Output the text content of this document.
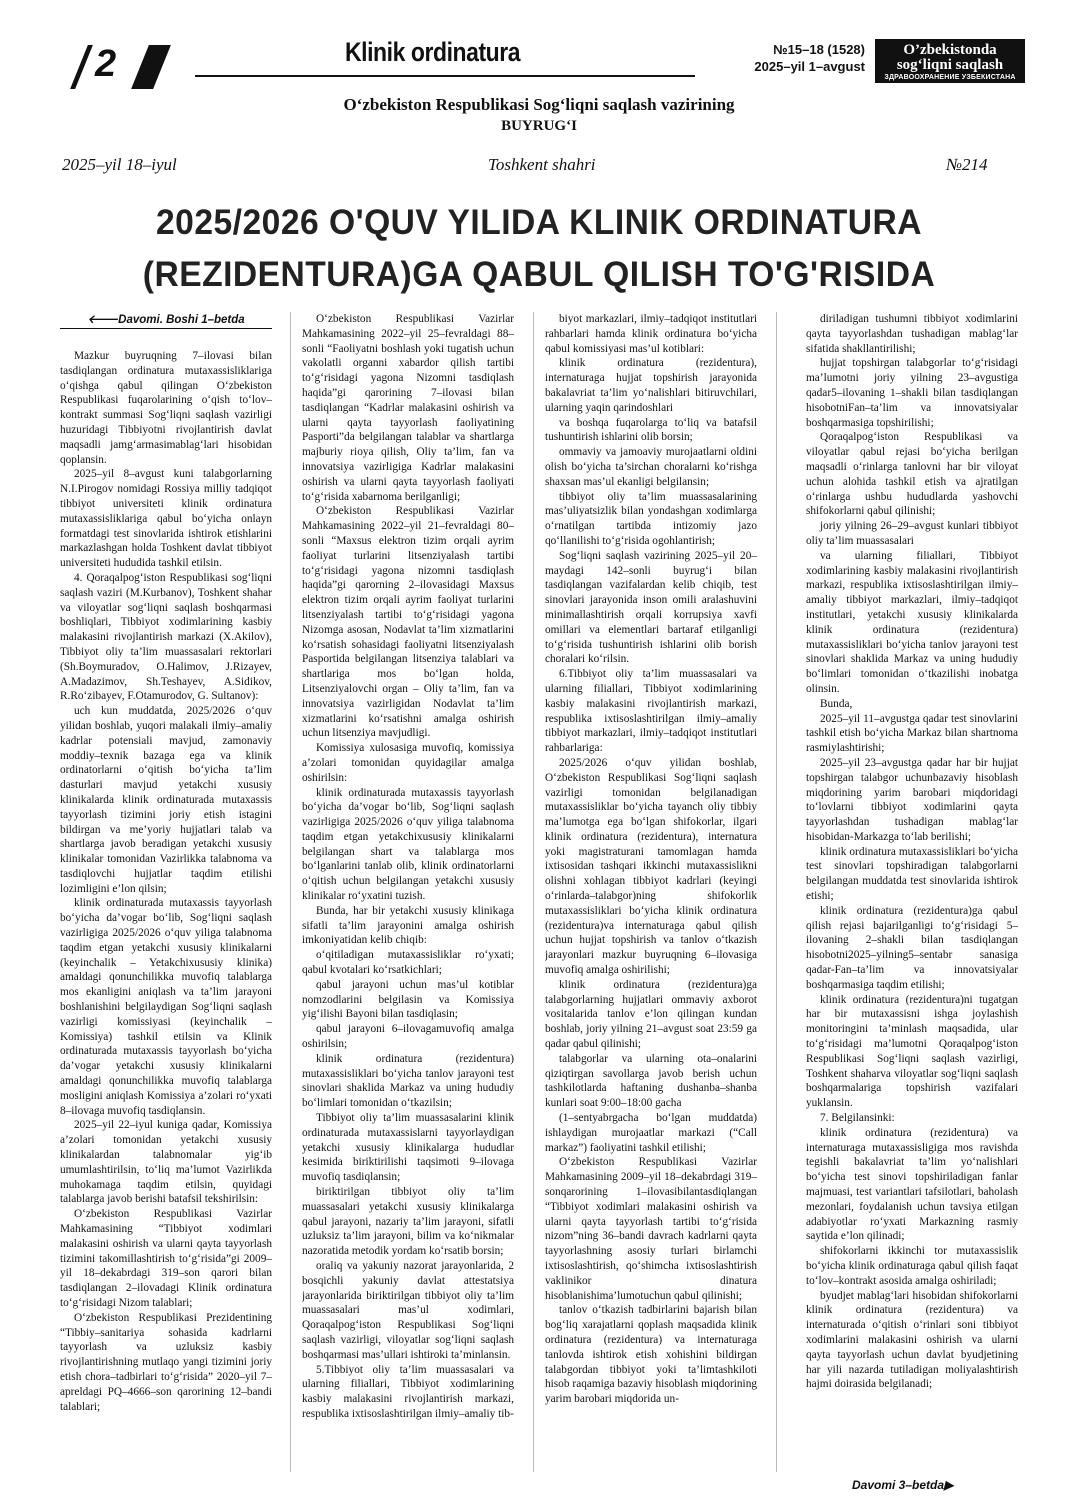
2	Klinik ordinatura	№15–18 (1528)
2025–yil 1–avgust
O’zbekistonda
sog‘liqni saqlash
ЗДРАВООХРАНЕНИЕ УЗБЕКИСТАНА
O‘zbekiston Respublikasi Sog‘liqni saqlash vazirining
BUYRUG‘I
2025–yil 18–iyul	Toshkent shahri	№214
2025/2026 O'QUV YILIDA KLINIK ORDINATURA
(REZIDENTURA)GA QABUL QILISH TO'G'RISIDA
🡐Davomi. Boshi 1–betda

Mazkur buyruqning 7–ilovasi bilan tasdiqlangan ordinatura mutaxassisliklariga o‘qishga qabul qilingan O‘zbekiston Respublikasi fuqarolarining o‘qish to‘lov–kontrakt summasi Sog‘liqni saqlash vazirligi huzuridagi Tibbiyotni rivojlantirish davlat maqsadli jamg‘armasimablag‘lari hisobidan qoplansin.

2025–yil 8–avgust kuni talabgorlarning N.I.Pirogov nomidagi Rossiya milliy tadqiqot tibbiyot universiteti klinik ordinatura mutaxassisliklariga qabul bo‘yicha onlayn formatdagi test sinovlarida ishtirok etishlarini markazlashgan holda Toshkent davlat tibbiyot universiteti hududida tashkil etilsin.

4. Qoraqalpog‘iston Respublikasi sog‘liqni saqlash vaziri (M.Kurbanov), Toshkent shahar va viloyatlar sog‘liqni saqlash boshqarmasi boshliqlari, Tibbiyot xodimlarining kasbiy malakasini rivojlantirish markazi (X.Akilov), Tibbiyot oliy ta’lim muassasalari rektorlari (Sh.Boymuradov, O.Halimov, J.Rizayev, A.Madazimov, Sh.Teshayev, A.Sidikov, R.Ro‘zibayev, F.Otamurodov, G. Sultanov):

uch kun muddatda, 2025/2026 o‘quv yilidan boshlab, yuqori malakali ilmiy–amaliy kadrlar potensiali mavjud, zamonaviy moddiy–texnik bazaga ega va klinik ordinatorlarni o‘qitish bo‘yicha ta’lim dasturlari mavjud yetakchi xususiy klinikalarda klinik ordinaturada mutaxassis tayyorlash tizimini joriy etish istagini bildirgan va me’yoriy hujjatlari talab va shartlarga javob beradigan yetakchi xususiy klinikalar tomonidan Vazirlikka talabnoma va tasdiqlovchi hujjatlar taqdim etilishi lozimligini e’lon qilsin;

klinik ordinaturada mutaxassis tayyorlash bo‘yicha da’vogar bo‘lib, Sog‘liqni saqlash vazirligiga 2025/2026 o‘quv yiliga talabnoma taqdim etgan yetakchi xususiy klinikalarni (keyinchalik – Yetakchixususiy klinika) amaldagi qonunchilikka muvofiq talablarga mos ekanligini aniqlash va ta’lim jarayoni boshlanishini belgilaydigan Sog‘liqni saqlash vazirligi komissiyasi (keyinchalik – Komissiya) tashkil etilsin va Klinik ordinaturada mutaxassis tayyorlash bo‘yicha da’vogar yetakchi xususiy klinikalarni amaldagi qonunchilikka muvofiq talablarga mosligini aniqlash Komissiya a’zolari ro‘yxati 8–ilovaga muvofiq tasdiqlansin.

2025–yil 22–iyul kuniga qadar, Komissiya a’zolari tomonidan yetakchi xususiy klinikalardan talabnomalar yig‘ib umumlashtirilsin, to‘liq ma’lumot Vazirlikda muhokamaga taqdim etilsin, quyidagi talablarga javob berishi batafsil tekshirilsin:

O‘zbekiston Respublikasi Vazirlar Mahkamasining “Tibbiyot xodimlari malakasini oshirish va ularni qayta tayyorlash tizimini takomillashtirish to‘g‘risida”gi 2009–yil 18–dekabrdagi 319–son qarori bilan tasdiqlangan 2–ilovadagi Klinik ordinatura to‘g‘risidagi Nizom talablari;

O‘zbekiston Respublikasi Prezidentining “Tibbiy–sanitariya sohasida kadrlarni tayyorlash va uzluksiz kasbiy rivojlantirishning mutlaqo yangi tizimini joriy etish chora–tadbirlari to‘g‘risida” 2020–yil 7–apreldagi PQ–4666–son qarorining 12–bandi talablari;

O‘zbekiston Respublikasi Vazirlar Mahkamasining 2022–yil 25–fevraldagi 88–sonli “Faoliyatni boshlash yoki tugatish uchun vakolatli organni xabardor qilish tartibi to‘g‘risidagi yagona Nizomni tasdiqlash haqida”gi qarorining 7–ilovasi bilan tasdiqlangan “Kadrlar malakasini oshirish va ularni qayta tayyorlash faoliyatining Pasporti”da belgilangan talablar va shartlarga majburiy rioya qilish, Oliy ta’lim, fan va innovatsiya vazirligiga Kadrlar malakasini oshirish va ularni qayta tayyorlash faoliyati to‘g‘risida xabarnoma berilganligi;

O‘zbekiston Respublikasi Vazirlar Mahkamasining 2022–yil 21–fevraldagi 80–sonli “Maxsus elektron tizim orqali ayrim faoliyat turlarini litsenziyalash tartibi to‘g‘risidagi yagona nizomni tasdiqlash haqida”gi qarorning 2–ilovasidagi Maxsus elektron tizim orqali ayrim faoliyat turlarini litsenziyalash tartibi to‘g‘risidagi yagona Nizomga asosan, Nodavlat ta’lim xizmatlarini ko‘rsatish sohasidagi faoliyatni litsenziyalash Pasportida belgilangan litsenziya talablari va shartlariga mos bo‘lgan holda, Litsenziyalovchi organ – Oliy ta’lim, fan va innovatsiya vazirligidan Nodavlat ta’lim xizmatlarini ko‘rsatishni amalga oshirish uchun litsenziya mavjudligi.

Komissiya xulosasiga muvofiq, komissiya a’zolari tomonidan quyidagilar amalga oshirilsin:

klinik ordinaturada mutaxassis tayyorlash bo‘yicha da’vogar bo‘lib, Sog‘liqni saqlash vazirligiga 2025/2026 o‘quv yiliga talabnoma taqdim etgan yetakchixususiy klinikalarni belgilangan shart va talablarga mos bo‘lganlarini tanlab olib, klinik ordinatorlarni o‘qitish uchun belgilangan yetakchi xususiy klinikalar ro‘yxatini tuzish.

Bunda, har bir yetakchi xususiy klinikaga sifatli ta’lim jarayonini amalga oshirish imkoniyatidan kelib chiqib:

o‘qitiladigan mutaxassisliklar ro‘yxati; qabul kvotalari ko‘rsatkichlari;

qabul jarayoni uchun mas’ul kotiblar nomzodlarini belgilasin va Komissiya yig‘ilishi Bayoni bilan tasdiqlasin;

qabul jarayoni 6–ilovagamuvofiq amalga oshirilsin;

klinik ordinatura (rezidentura) mutaxassisliklari bo‘yicha tanlov jarayoni test sinovlari shaklida Markaz va uning hududiy bo‘limlari tomonidan o‘tkazilsin;

Tibbiyot oliy ta’lim muassasalarini klinik ordinaturada mutaxassislarni tayyorlaydigan yetakchi xususiy klinikalarga hududlar kesimida biriktirilishi taqsimoti 9–ilovaga muvofiq tasdiqlansin;

biriktirilgan tibbiyot oliy ta’lim muassasalari yetakchi xususiy klinikalarga qabul jarayoni, nazariy ta’lim jarayoni, sifatli uzluksiz ta’lim jarayoni, bilim va ko‘nikmalar nazoratida metodik yordam ko‘rsatib borsin;

oraliq va yakuniy nazorat jarayonlarida, 2 bosqichli yakuniy davlat attestatsiya jarayonlarida biriktirilgan tibbiyot oliy ta’lim muassasalari mas’ul xodimlari, Qoraqalpog‘iston Respublikasi Sog‘liqni saqlash vazirligi, viloyatlar sog‘liqni saqlash boshqarmasi mas’ullari ishtiroki ta’minlansin.

5.Tibbiyot oliy ta’lim muassasalari va ularning filiallari, Tibbiyot xodimlarining kasbiy malakasini rivojlantirish markazi, respublika ixtisoslashtirilgan ilmiy–amaliy tib-

biyot markazlari, ilmiy–tadqiqot institutlari rahbarlari hamda klinik ordinatura bo‘yicha qabul komissiyasi mas’ul kotiblari:

klinik ordinatura (rezidentura), internaturaga hujjat topshirish jarayonida bakalavriat ta’lim yo‘nalishlari bitiruvchilari, ularning yaqin qarindoshlari

va boshqa fuqarolarga to‘liq va batafsil tushuntirish ishlarini olib borsin;

ommaviy va jamoaviy murojaatlarni oldini olish bo‘yicha ta’sirchan choralarni ko‘rishga shaxsan mas’ul ekanligi belgilansin;

tibbiyot oliy ta’lim muassasalarining mas’uliyatsizlik bilan yondashgan xodimlarga o‘rnatilgan tartibda intizomiy jazo qo‘llanilishi to‘g‘risida ogohlantirish;

Sog‘liqni saqlash vazirining 2025–yil 20–maydagi 142–sonli buyrug‘i bilan tasdiqlangan vazifalardan kelib chiqib, test sinovlari jarayonida inson omili aralashuvini minimallashtirish orqali korrupsiya xavfi omillari va elementlari bartaraf etilganligi to‘g‘risida tushuntirish ishlarini olib borish choralari ko‘rilsin.

6.Tibbiyot oliy ta’lim muassasalari va ularning filiallari, Tibbiyot xodimlarining kasbiy malakasini rivojlantirish markazi, respublika ixtisoslashtirilgan ilmiy–amaliy tibbiyot markazlari, ilmiy–tadqiqot institutlari rahbarlariga:

2025/2026 o‘quv yilidan boshlab, O‘zbekiston Respublikasi Sog‘liqni saqlash vazirligi tomonidan belgilanadigan mutaxassisliklar bo‘yicha tayanch oliy tibbiy ma’lumotga ega bo‘lgan shifokorlar, ilgari klinik ordinatura (rezidentura), internatura yoki magistraturani tamomlagan hamda ixtisosidan tashqari ikkinchi mutaxassislikni olishni xohlagan tibbiyot kadrlari (keyingi o‘rinlarda–talabgor)ning shifokorlik mutaxassisliklari bo‘yicha klinik ordinatura (rezidentura)va internaturaga qabul qilish uchun hujjat topshirish va tanlov o‘tkazish jarayonlari mazkur buyruqning 6–ilovasiga muvofiq amalga oshirilishi;

klinik ordinatura (rezidentura)ga talabgorlarning hujjatlari ommaviy axborot vositalarida tanlov e’lon qilingan kundan boshlab, joriy yilning 21–avgust soat 23:59 ga qadar qabul qilinishi;

talabgorlar va ularning ota–onalarini qiziqtirgan savollarga javob berish uchun tashkilotlarda haftaning dushanba–shanba kunlari soat 9:00–18:00 gacha

(1–sentyabrgacha bo‘lgan muddatda) ishlaydigan murojaatlar markazi (“Call markaz”) faoliyatini tashkil etilishi;

O‘zbekiston Respublikasi Vazirlar Mahkamasining 2009–yil 18–dekabrdagi 319–sonqarorining 1–ilovasibilantasdiqlangan “Tibbiyot xodimlari malakasini oshirish va ularni qayta tayyorlash tartibi to‘g‘risida nizom”ning 36–bandi davrach kadrlarni qayta tayyorlashning asosiy turlari birlamchi ixtisoslashtirish, qo‘shimcha ixtisoslashtirish vaklinikor dinatura hisoblanishima’lumotuchun qabul qilinishi;

tanlov o‘tkazish tadbirlarini bajarish bilan bog‘liq xarajatlarni qoplash maqsadida klinik ordinatura (rezidentura) va internaturaga tanlovda ishtirok etish xohishini bildirgan talabgordan tibbiyot yoki ta’limtashkiloti hisob raqamiga bazaviy hisoblash miqdorining yarim barobari miqdorida un-

diriladigan tushumni tibbiyot xodimlarini qayta tayyorlashdan tushadigan mablag‘lar sifatida shakllantirilishi;

hujjat topshirgan talabgorlar to‘g‘risidagi ma’lumotni joriy yilning 23–avgustiga qadar5–ilovaning 1–shakli bilan tasdiqlangan hisobotniFan–ta’lim va innovatsiyalar boshqarmasiga topshirilishi;

Qoraqalpog‘iston Respublikasi va viloyatlar qabul rejasi bo‘yicha berilgan maqsadli o‘rinlarga tanlovni har bir viloyat uchun alohida tashkil etish va ajratilgan o‘rinlarga ushbu hududlarda yashovchi shifokorlarni qabul qilinishi;

joriy yilning 26–29–avgust kunlari tibbiyot oliy ta’lim muassasalari

va ularning filiallari, Tibbiyot xodimlarining kasbiy malakasini rivojlantirish markazi, respublika ixtisoslashtirilgan ilmiy–amaliy tibbiyot markazlari, ilmiy–tadqiqot institutlari, yetakchi xususiy klinikalarda klinik ordinatura (rezidentura) mutaxassisliklari bo‘yicha tanlov jarayoni test sinovlari shaklida Markaz va uning hududiy bo‘limlari tomonidan o‘tkazilishi inobatga olinsin.

Bunda,

2025–yil 11–avgustga qadar test sinovlarini tashkil etish bo‘yicha Markaz bilan shartnoma rasmiylashtirishi;

2025–yil 23–avgustga qadar har bir hujjat topshirgan talabgor uchunbazaviy hisoblash miqdorining yarim barobari miqdoridagi to‘lovlarni tibbiyot xodimlarini qayta tayyorlashdan tushadigan mablag‘lar hisobidan-Markazga to‘lab berilishi;

klinik ordinatura mutaxassisliklari bo‘yicha test sinovlari topshiradigan talabgorlarni belgilangan muddatda test sinovlarida ishtirok etishi;

klinik ordinatura (rezidentura)ga qabul qilish rejasi bajarilganligi to‘g‘risidagi 5–ilovaning 2–shakli bilan tasdiqlangan hisobotni2025–yilning5–sentabr sanasiga qadar-Fan–ta’lim va innovatsiyalar boshqarmasiga taqdim etilishi;

klinik ordinatura (rezidentura)ni tugatgan har bir mutaxassisni ishga joylashish monitoringini ta’minlash maqsadida, ular to‘g‘risidagi ma’lumotni Qoraqalpog‘iston Respublikasi Sog‘liqni saqlash vazirligi, Toshkent shaharva viloyatlar sog‘liqni saqlash boshqarmalariga topshirish vazifalari yuklansin.

7. Belgilansinki:

klinik ordinatura (rezidentura) va internaturaga mutaxassisligiga mos ravishda tegishli bakalavriat ta’lim yo‘nalishlari bo‘yicha test sinovi topshiriladigan fanlar majmuasi, test variantlari tafsilotlari, baholash mezonlari, foydalanish uchun tavsiya etilgan adabiyotlar ro‘yxati Markazning rasmiy saytida e’lon qilinadi;

shifokorlarni ikkinchi tor mutaxassislik bo‘yicha klinik ordinaturaga qabul qilish faqat to‘lov–kontrakt asosida amalga oshiriladi;

byudjet mablag‘lari hisobidan shifokorlarni klinik ordinatura (rezidentura) va internaturada o‘qitish o‘rinlari soni tibbiyot xodimlarini malakasini oshirish va ularni qayta tayyorlash uchun davlat byudjetining har yili nazarda tutiladigan moliyalashtirish hajmi doirasida belgilanadi;

Davomi 3–betda▶
